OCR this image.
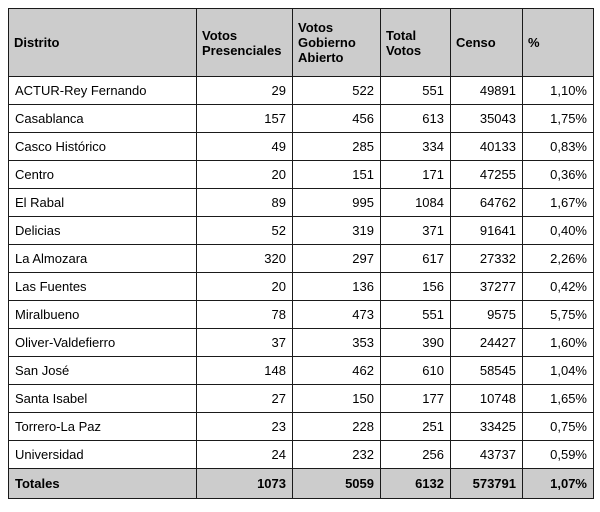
Distrito	Votos Presenciales	Votos Gobierno Abierto	Total Votos	Censo	%
ACTUR-Rey Fernando	29	522	551	49891	1,10%
Casablanca	157	456	613	35043	1,75%
Casco Histórico	49	285	334	40133	0,83%
Centro	20	151	171	47255	0,36%
El Rabal	89	995	1084	64762	1,67%
Delicias	52	319	371	91641	0,40%
La Almozara	320	297	617	27332	2,26%
Las Fuentes	20	136	156	37277	0,42%
Miralbueno	78	473	551	9575	5,75%
Oliver-Valdefierro	37	353	390	24427	1,60%
San José	148	462	610	58545	1,04%
Santa Isabel	27	150	177	10748	1,65%
Torrero-La Paz	23	228	251	33425	0,75%
Universidad	24	232	256	43737	0,59%
Totales	1073	5059	6132	573791	1,07%
